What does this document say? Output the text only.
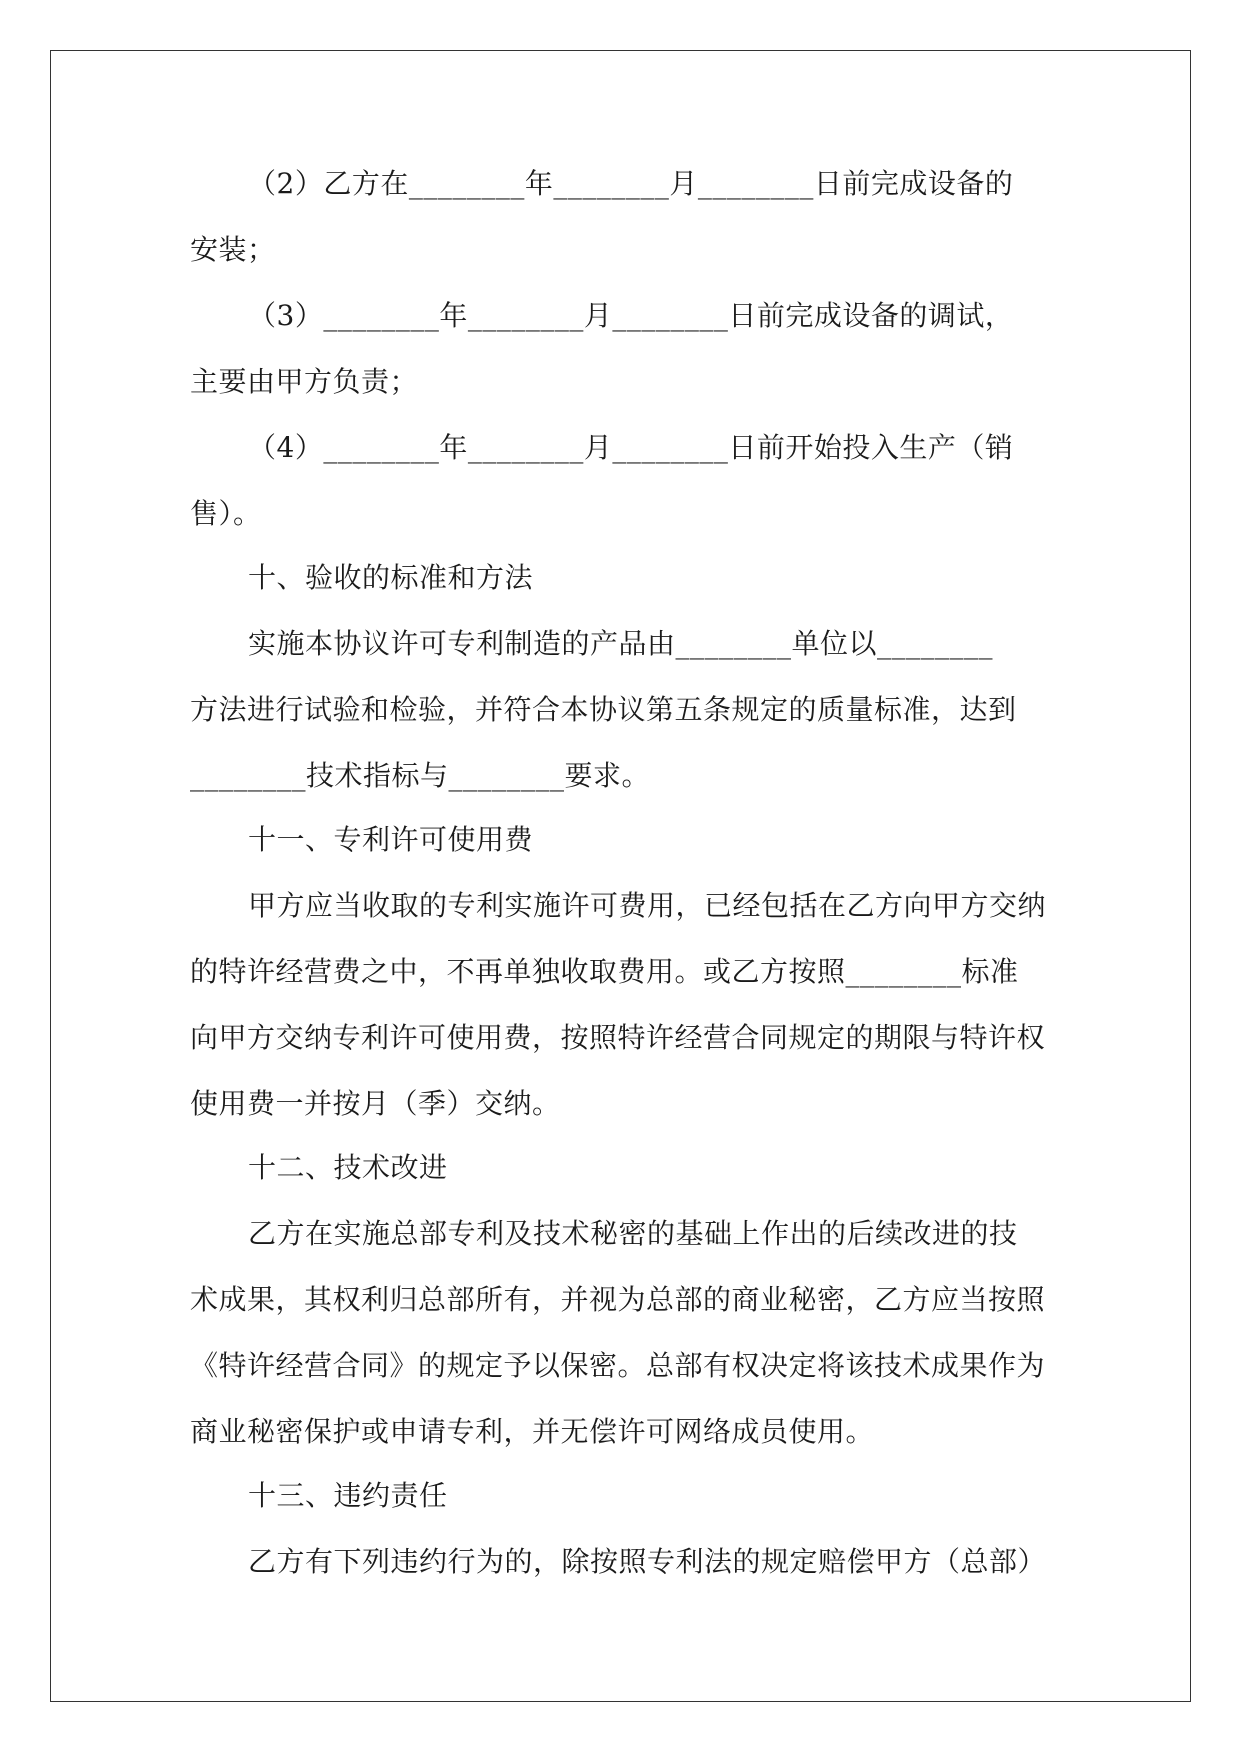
（2）乙方在________年________月________日前完成设备的
安装；
（3）________年________月________日前完成设备的调试，
主要由甲方负责；
（4）________年________月________日前开始投入生产（销
售）。
十、验收的标准和方法
实施本协议许可专利制造的产品由________单位以________
方法进行试验和检验，并符合本协议第五条规定的质量标准，达到
________技术指标与________要求。
十一、专利许可使用费
甲方应当收取的专利实施许可费用，已经包括在乙方向甲方交纳
的特许经营费之中，不再单独收取费用。或乙方按照________标准
向甲方交纳专利许可使用费，按照特许经营合同规定的期限与特许权
使用费一并按月（季）交纳。
十二、技术改进
乙方在实施总部专利及技术秘密的基础上作出的后续改进的技
术成果，其权利归总部所有，并视为总部的商业秘密，乙方应当按照
《特许经营合同》的规定予以保密。总部有权决定将该技术成果作为
商业秘密保护或申请专利，并无偿许可网络成员使用。
十三、违约责任
乙方有下列违约行为的，除按照专利法的规定赔偿甲方（总部）
